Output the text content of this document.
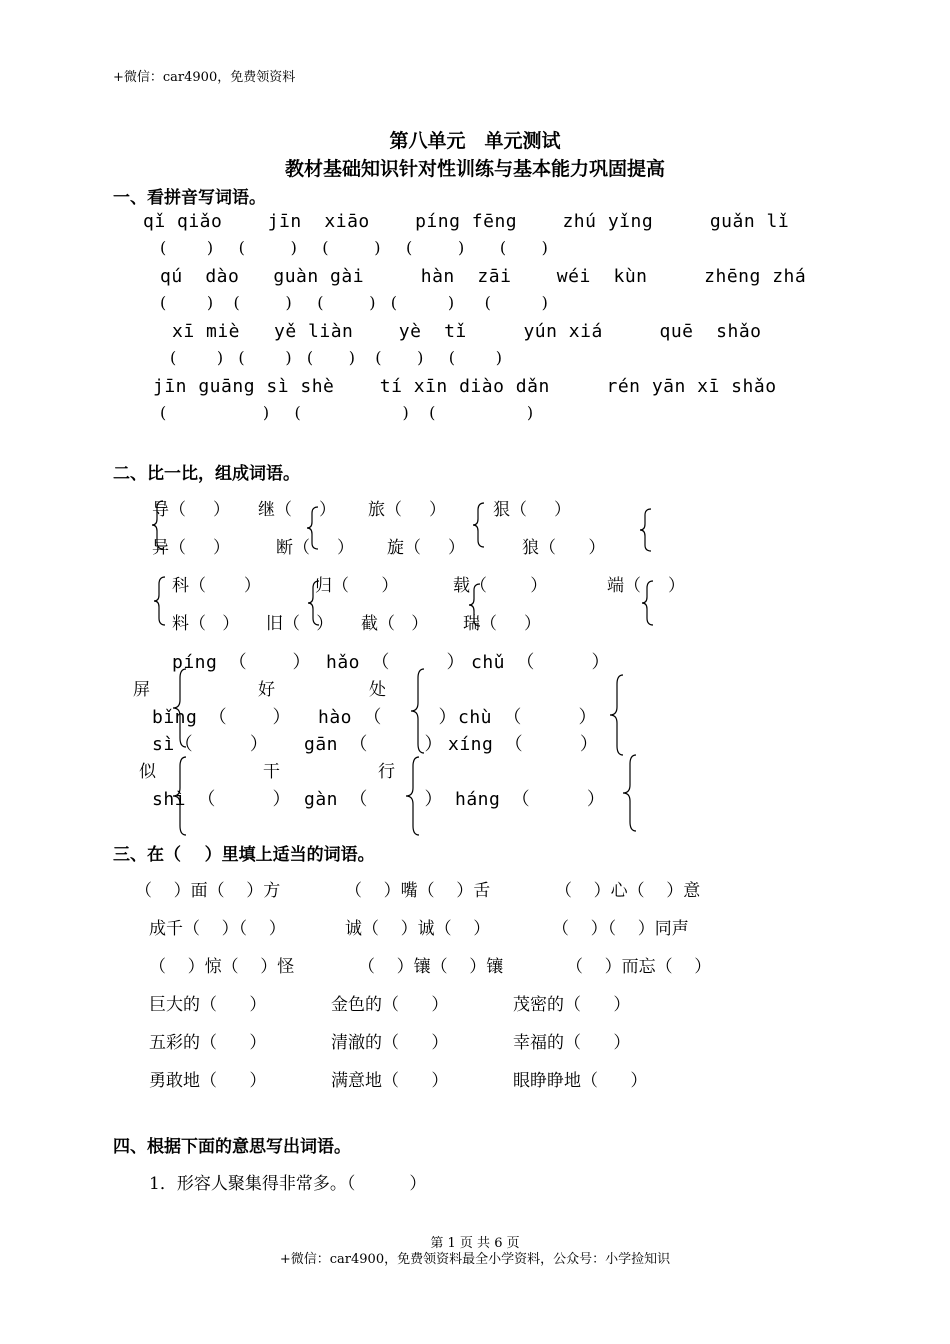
+微信：car4900，免费领资料
第八单元　单元测试
教材基础知识针对性训练与基本能力巩固提高
一、看拼音写词语。
qǐ qiǎo    jīn  xiāo    píng fēng    zhú yǐng     guǎn lǐ
(        )     (         )     (         )     (         )       (       )
qú  dào   guàn gài     hàn  zāi    wéi  kùn     zhēng zhá
(        )    (         )     (         )   (          )      (          )
xī miè   yě liàn    yè  tǐ     yún xiá     quē  shǎo
(        )   (        )   (       )    (       )     (        )
jīn guāng sì shè    tí xīn diào dǎn     rén yān xī shǎo
(                   )     (                    )    (                  )
二、比一比，组成词语。
导（     ） 继（     ） 旅（     ）	狠（     ）
异（     ）	断（     ） 旋（     ）	狼（      ）
科（       ）	归（      ）	载（        ）	端（     ）
料（   ） 旧（   ） 截（   ） 瑞（     ）
píng （    ） hǎo （     ） chǔ （     ）
屏	好	处
bǐng （    ） hào （     ） chù （     ）
sì（     ） gān （     ） xíng （     ）
似	干	行
shì （     ） gàn （     ） háng （     ）
三、在（    ）里填上适当的词语。
（    ）面（    ）方	（    ）嘴（    ）舌	（    ）心（    ）意
成千（    ）（    ）	诚（    ）诚（    ）	（    ）（    ）同声
（    ）惊（    ）怪	（    ）镶（    ）镶	（    ）而忘（    ）
巨大的（      ）	金色的（      ）	茂密的（      ）
五彩的（      ）	清澈的（      ）	幸福的（      ）
勇敢地（      ）	满意地（      ）	眼睁睁地（      ）
四、根据下面的意思写出词语。
1．形容人聚集得非常多。（          ）
第 1 页 共 6 页
+微信：car4900，免费领资料最全小学资料，公众号：小学捡知识
